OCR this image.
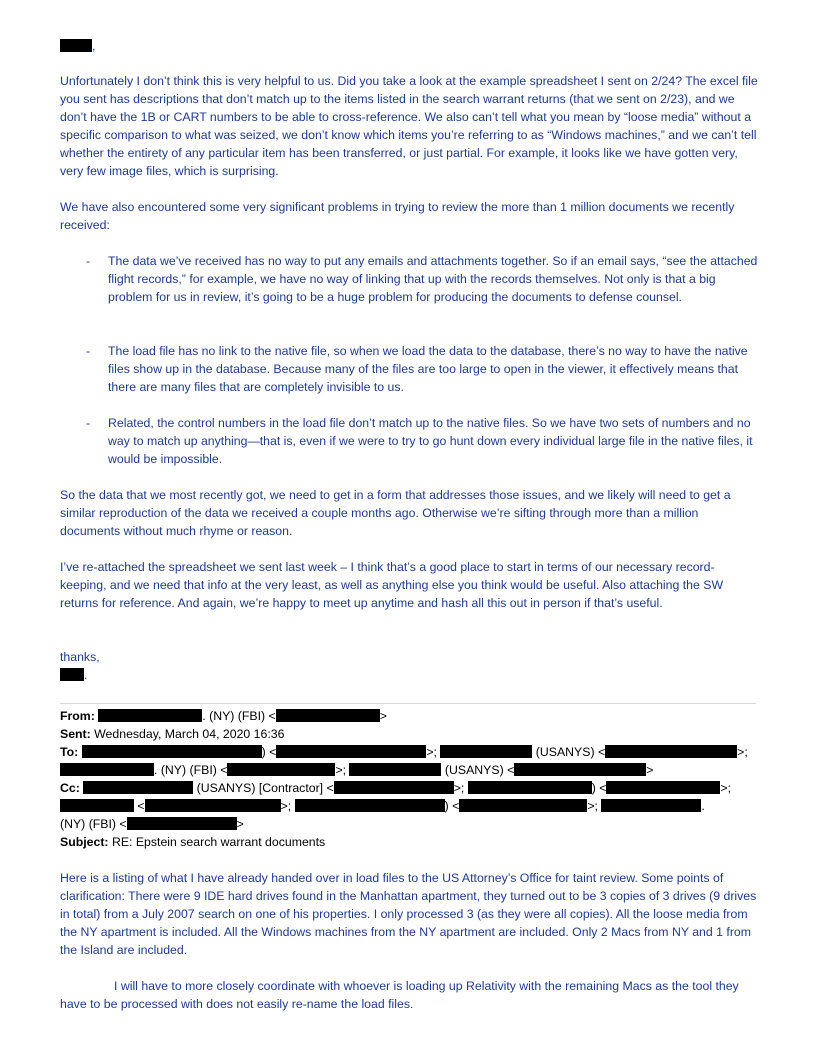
,

Unfortunately I don’t think this is very helpful to us. Did you take a look at the example spreadsheet I sent on 2/24? The excel file you sent has descriptions that don’t match up to the items listed in the search warrant returns (that we sent on 2/23), and we don’t have the 1B or CART numbers to be able to cross-reference. We also can’t tell what you mean by “loose media” without a specific comparison to what was seized, we don’t know which items you’re referring to as “Windows machines,” and we can’t tell whether the entirety of any particular item has been transferred, or just partial. For example, it looks like we have gotten very, very few image files, which is surprising.

We have also encountered some very significant problems in trying to review the more than 1 million documents we recently received:

- The data we’ve received has no way to put any emails and attachments together. So if an email says, “see the attached flight records,” for example, we have no way of linking that up with the records themselves. Not only is that a big problem for us in review, it’s going to be a huge problem for producing the documents to defense counsel.
- The load file has no link to the native file, so when we load the data to the database, there’s no way to have the native files show up in the database. Because many of the files are too large to open in the viewer, it effectively means that there are many files that are completely invisible to us.
- Related, the control numbers in the load file don’t match up to the native files. So we have two sets of numbers and no way to match up anything—that is, even if we were to try to go hunt down every individual large file in the native files, it would be impossible.

So the data that we most recently got, we need to get in a form that addresses those issues, and we likely will need to get a similar reproduction of the data we received a couple months ago. Otherwise we’re sifting through more than a million documents without much rhyme or reason.

I’ve re-attached the spreadsheet we sent last week – I think that’s a good place to start in terms of our necessary record-keeping, and we need that info at the very least, as well as anything else you think would be useful. Also attaching the SW returns for reference. And again, we’re happy to meet up anytime and hash all this out in person if that’s useful.

thanks,
.
From:	. (NY) (FBI) <	>
Sent: Wednesday, March 04, 2020 16:36
To:	) <	>;	(USANYS) <	>;
. (NY) (FBI) <	>;	(USANYS) <	>
Cc:	(USANYS) [Contractor] <	>;	) <	>;
<	>;	) <	>;	.
(NY) (FBI) <	>
Subject: RE: Epstein search warrant documents

Here is a listing of what I have already handed over in load files to the US Attorney’s Office for taint review. Some points of clarification: There were 9 IDE hard drives found in the Manhattan apartment, they turned out to be 3 copies of 3 drives (9 drives in total) from a July 2007 search on one of his properties. I only processed 3 (as they were all copies). All the loose media from the NY apartment is included. All the Windows machines from the NY apartment are included. Only 2 Macs from NY and 1 from the Island are included.

I will have to more closely coordinate with whoever is loading up Relativity with the remaining Macs as the tool they have to be processed with does not easily re-name the load files.
